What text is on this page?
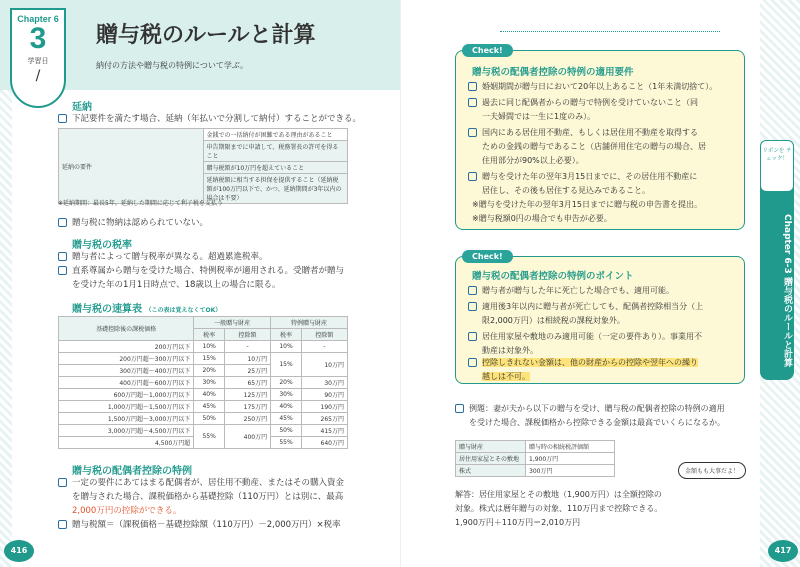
Chapter 6
3
学習日
/
贈与税のルールと計算
納付の方法や贈与税の特例について学ぶ。
延納
下記要件を満たす場合、延納（年払いで分割して納付）することができる。
延納の要件	金銭での一括納付が困難である理由があること
申告期限までに申請して、税務署長の許可を得ること
贈与税額が10万円を超えていること
延納税額に相当する担保を提供すること（延納税額が100万円以下で、かつ、延納期間が3年以内の場合は不要）
※延納期間：最長5年。延納した期間に応じて利子税を支払う
贈与税に物納は認められていない。
贈与税の税率
贈与者によって贈与税率が異なる。超過累進税率。
直系尊属から贈与を受けた場合、特例税率が適用される。受贈者が贈与
を受けた年の1月1日時点で、18歳以上の場合に限る。
贈与税の速算表 （この表は覚えなくてOK）
基礎控除後の課税価格	一般贈与財産		特例贈与財産	
	税率	控除額	税率	控除額
200万円以下	10%	-	10%	-
200万円超～300万円以下	15%	10万円	15%	10万円
300万円超～400万円以下	20%	25万円		
400万円超～600万円以下	30%	65万円	20%	30万円
600万円超～1,000万円以下	40%	125万円	30%	90万円
1,000万円超～1,500万円以下	45%	175万円	40%	190万円
1,500万円超～3,000万円以下	50%	250万円	45%	265万円
3,000万円超～4,500万円以下	55%	400万円	50%	415万円
4,500万円超			55%	640万円
贈与税の配偶者控除の特例
一定の要件にあてはまる配偶者が、居住用不動産、またはその購入資金
を贈与された場合、課税価格から基礎控除（110万円）とは別に、最高
2,000万円の控除ができる。
贈与税額＝（課税価格－基礎控除額（110万円）－2,000万円）×税率
416
Check!
贈与税の配偶者控除の特例の適用要件
婚姻期間が贈与日において20年以上あること（1年未満切捨て）。
過去に同じ配偶者からの贈与で特例を受けていないこと（同
一夫婦間では一生に1度のみ）。
国内にある居住用不動産、もしくは居住用不動産を取得する
ための金銭の贈与であること（店舗併用住宅の贈与の場合、居
住用部分が90%以上必要）。
贈与を受けた年の翌年3月15日までに、その居住用不動産に
居住し、その後も居住する見込みであること。
※贈与を受けた年の翌年3月15日までに贈与税の申告書を提出。
※贈与税額0円の場合でも申告が必要。
Check!
贈与税の配偶者控除の特例のポイント
贈与者が贈与した年に死亡した場合でも、適用可能。
適用後3年以内に贈与者が死亡しても、配偶者控除相当分（上
限2,000万円）は相続税の課税対象外。
居住用家屋や敷地のみ適用可能（一定の要件あり）。事業用不
動産は対象外。
控除しきれない金額は、他の財産からの控除や翌年への繰り
越しは不可。
例題：妻が夫から以下の贈与を受け、贈与税の配偶者控除の特例の適用
を受けた場合、課税価格から控除できる金額は最高でいくらになるか。
贈与財産	贈与時の相続税評価額
居住用家屋とその敷地	1,900万円
株式	300万円
解答：居住用家屋とその敷地（1,900万円）は全額控除の
対象。株式は暦年贈与の対象、110万円まで控除できる。
1,900万円＋110万円＝2,010万円
金額もも大事だよ！
Chapter 6-3 贈与税のルールと計算
リボンを チェック！
417
